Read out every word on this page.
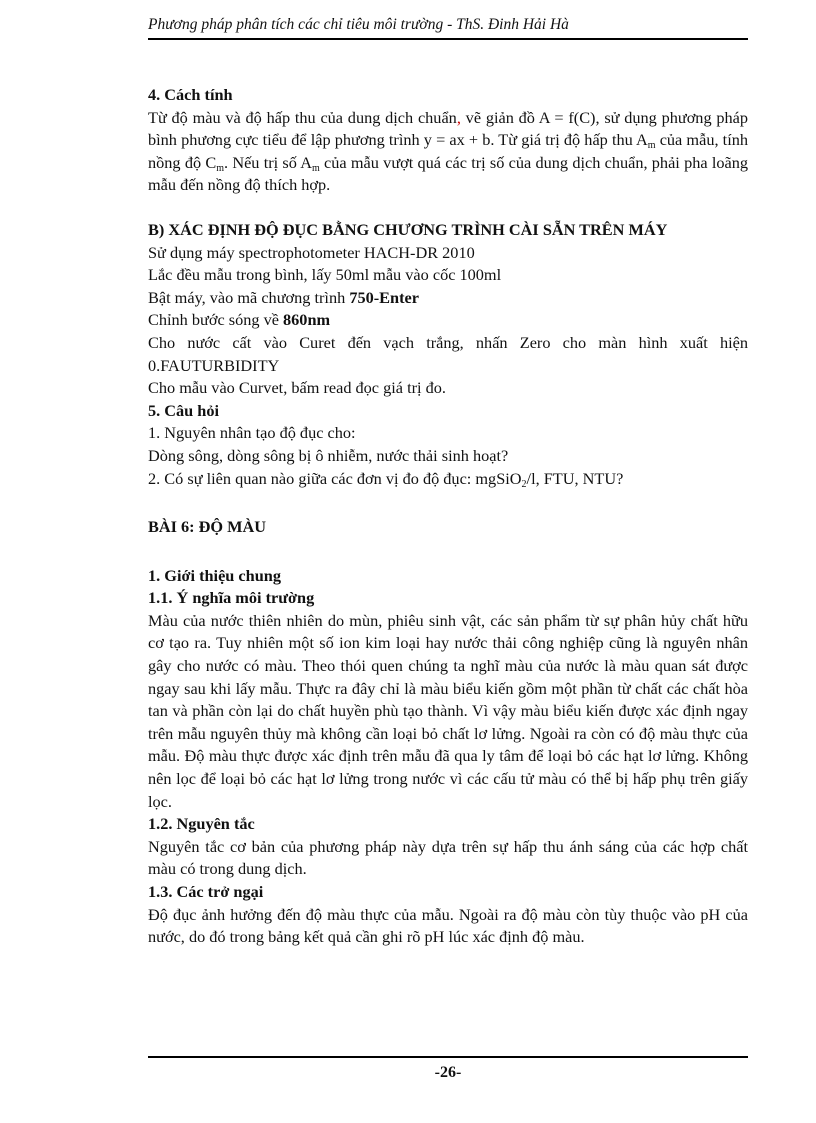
Phương pháp phân tích các chỉ tiêu môi trường - ThS. Đinh Hải Hà

4. Cách tính

Từ độ màu và độ hấp thu của dung dịch chuẩn, vẽ giản đồ A = f(C), sử dụng phương pháp bình phương cực tiểu để lập phương trình y = ax + b. Từ giá trị độ hấp thu $A_m$ của mẫu, tính nồng độ $C_m$. Nếu trị số $A_m$ của mẫu vượt quá các trị số của dung dịch chuẩn, phải pha loãng mẫu đến nồng độ thích hợp.

B) XÁC ĐỊNH ĐỘ ĐỤC BẰNG CHƯƠNG TRÌNH CÀI SẴN TRÊN MÁY

Sử dụng máy spectrophotometer HACH-DR 2010

Lắc đều mẫu trong bình, lấy 50ml mẫu vào cốc 100ml

Bật máy, vào mã chương trình 750-Enter

Chỉnh bước sóng về 860nm

Cho nước cất vào Curet đến vạch trắng, nhấn Zero cho màn hình xuất hiện 0.FAUTURBIDITY

Cho mẫu vào Curvet, bấm read đọc giá trị đo.

5. Câu hỏi

1. Nguyên nhân tạo độ đục cho:

Dòng sông, dòng sông bị ô nhiễm, nước thải sinh hoạt?

2. Có sự liên quan nào giữa các đơn vị đo độ đục: mgSiO$_2$/l, FTU, NTU?

BÀI 6: ĐỘ MÀU

1. Giới thiệu chung

1.1. Ý nghĩa môi trường

Màu của nước thiên nhiên do mùn, phiêu sinh vật, các sản phẩm từ sự phân hủy chất hữu cơ tạo ra. Tuy nhiên một số ion kim loại hay nước thải công nghiệp cũng là nguyên nhân gây cho nước có màu. Theo thói quen chúng ta nghĩ màu của nước là màu quan sát được ngay sau khi lấy mẫu. Thực ra đây chỉ là màu biểu kiến gồm một phần từ chất các chất hòa tan và phần còn lại do chất huyền phù tạo thành. Vì vậy màu biểu kiến được xác định ngay trên mẫu nguyên thủy mà không cần loại bỏ chất lơ lửng. Ngoài ra còn có độ màu thực của mẫu. Độ màu thực được xác định trên mẫu đã qua ly tâm để loại bỏ các hạt lơ lửng. Không nên lọc để loại bỏ các hạt lơ lửng trong nước vì các cấu tử màu có thể bị hấp phụ trên giấy lọc.

1.2. Nguyên tắc

Nguyên tắc cơ bản của phương pháp này dựa trên sự hấp thu ánh sáng của các hợp chất màu có trong dung dịch.

1.3. Các trở ngại

Độ đục ảnh hưởng đến độ màu thực của mẫu. Ngoài ra độ màu còn tùy thuộc vào pH của nước, do đó trong bảng kết quả cần ghi rõ pH lúc xác định độ màu.

-26-
